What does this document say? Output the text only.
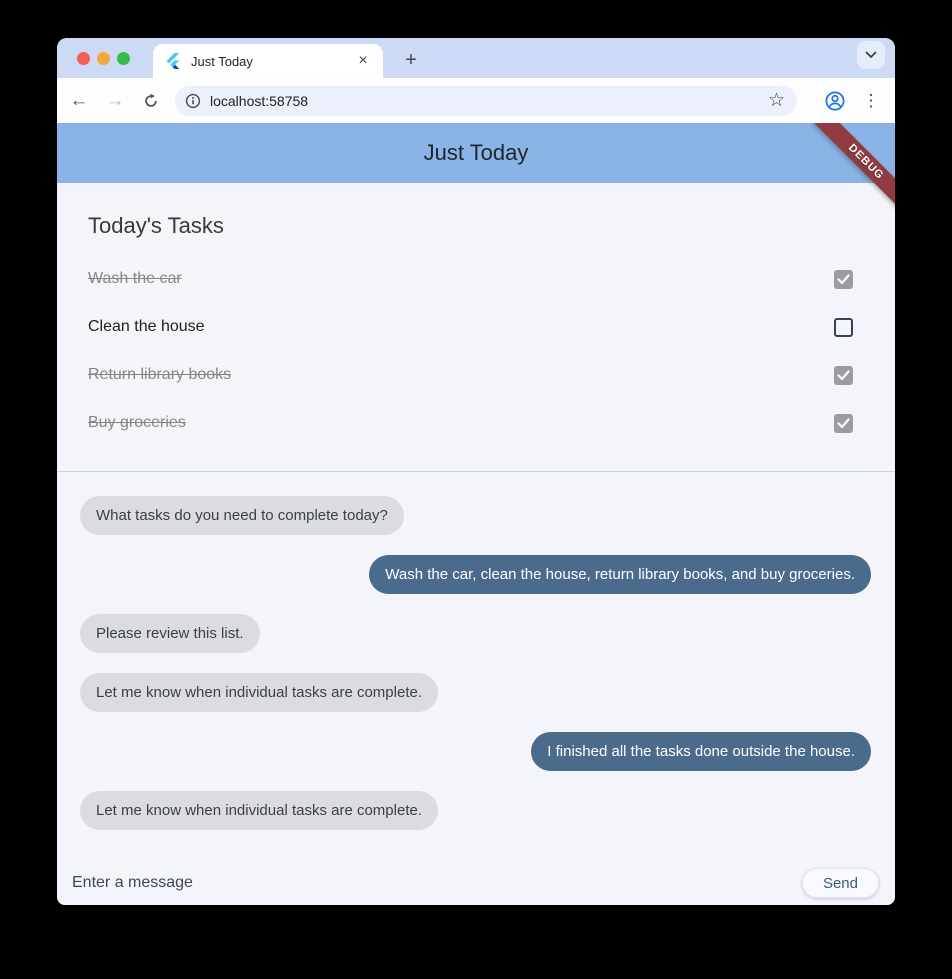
Just Today	×	+
← →	localhost:58758	☆	⋮
Just Today	DEBUG
Today's Tasks
Wash the car
Clean the house
Return library books
Buy groceries
What tasks do you need to complete today?
Wash the car, clean the house, return library books, and buy groceries.
Please review this list.
Let me know when individual tasks are complete.
I finished all the tasks done outside the house.
Let me know when individual tasks are complete.
Enter a message	Send
